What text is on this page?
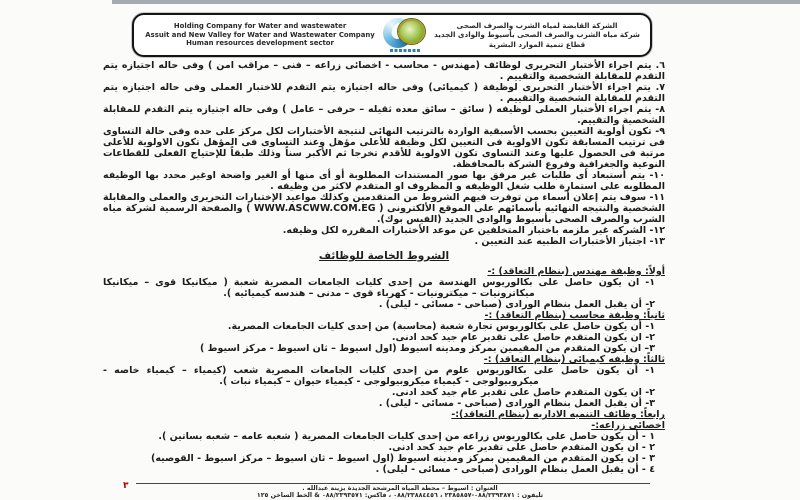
Holding Company for Water and wastewater
Assuit and New Valley for Water and Wastewater Company
Human resources development sector
الشركة القابضة لمياه الشرب والصرف الصحى
شركة مياه الشرب والصرف الصحى بأسيوط والوادى الجديد
قطاع تنمية الموارد البشرية
٦. يتم اجراء الأختبار التحريرى لوظائف (مهندس - محاسب - اخصائى زراعه – فنى – مراقب امن ) وفى حاله اجتيازه يتم التقدم للمقابلة الشخصية والتقييم .
٧. يتم اجراء الأختبار التحريرى لوظيفة ( كيميائى) وفى حاله اجتيازه يتم التقدم للاختبار العملى وفى حاله اجتيازه يتم التقدم للمقابلة الشخصية والتقييم .
٨- يتم اجراء الأختبار العملى لوظيفه ( سائق – سائق معده ثقيله – حرفى – عامل ) وفى حاله اجتيازه يتم التقدم للمقابلة الشخصية والتقييم.
٩- تكون أولوية التعيين بحسب الأسبقية الواردة بالترتيب النهائى لنتيجة الأختبارات لكل مركز على حده وفى حالة التساوى فى ترتيب المسابقة تكون الاولوية فى التعيين لكل وظيفة للأعلى مؤهل وعند التساوى فى المؤهل تكون الاولوية للأعلى مرتبة فى الحصول عليها وعند التساوى تكون الاولوية للأقدم تخرجا ثم الأكبر سناً وذلك طبقاً للإحتياج الفعلى للقطاعات النوعية والجغرافية وفروع الشركة بالمحافظة.
١٠- يتم أستبعاد أى طلبات غير مرفق بها صور المستندات المطلوبة أو أى منها أو الغير واضحة اوغير محدد بها الوظيفه المطلوبه على استمارة طلب شغل الوظيفه و المظروف او المتقدم لاكثر من وظيفه .
١١- سوف يتم إعلان أسماء من توفرت فيهم الشروط من المتقدمين وكذلك مواعيد الإختبارات التحريرى والعملى والمقابلة الشخصية والنتيجه النهائيه بأسمائهم على الموقع الألكترونى ( WWW.ASCWW.COM.EG ) والصفحة الرسمية لشركة مياه الشرب والصرف الصحى بأسيوط والوادى الجديد (الفيس بوك).
١٢- الشركه غير ملزمه باختبار المتخلفين عن موعد الأختبارات المقرره لكل وظيفه.
١٣- اجتياز الأختبارات الطبيه عند التعيين .
الشروط الخاصة للوظائف
أولاً: وظيفة مهندس (بنظام التعاقد) :-
١- ان يكون حاصل على بكالوريوس الهندسة من إحدى كليات الجامعات المصرية شعبة ( ميكانيكا قوى – ميكانيكا ميكاترونيات – ميكترونيات - كهرباء قوى – مدنى – هندسه كيميائيه ).
٢- أن يقبل العمل بنظام الورادى (صباحى - مسائى - ليلى) .
ثانياً: وظيفة محاسب (بنظام التعاقد) :-
١- أن يكون حاصل على بكالوريوس تجارة شعبة (محاسبة) من إحدى كليات الجامعات المصرية.
٢- ان يكون المتقدم حاصل على تقدير عام جيد كحد ادنى.
٣– ان يكون المتقدم من المقيمين بمركز ومدينه اسيوط (اول اسيوط – ثان اسيوط - مركز اسيوط )
ثالثاً: وظيفه كيميائى (بنظام التعاقد) :-
١- أن يكون حاصل على بكالوريوس علوم من إحدى كليات الجامعات المصرية شعب (كيمياء – كيمياء خاصه - ميكروبيولوجى - كيمياء ميكروبيولوجى - كيمياء حيوان – كيمياء نبات ).
٢- ان يكون المتقدم حاصل على تقدير عام جيد كحد ادنى.
٣- أن يقبل العمل بنظام الورادى (صباحى - مسائى - ليلى) .
رابعاً: وظائف التنميه الاداريه (بنظام التعاقد):-
اخصائى زراعه:-
١ - أن يكون حاصل على بكالوريوس زراعه من إحدى كليات الجامعات المصرية ( شعبه عامه – شعبه بساتين ).
٢ - ان يكون المتقدم حاصل على تقدير عام جيد كحد ادنى.
٣ - ان يكون المتقدم من المقيمين بمركز ومدينه اسيوط (اول اسيوط – ثان اسيوط – مركز اسيوط - القوصيه)
٤ - أن يقبل العمل بنظام الورادى (صباحى - مسائى - ليلى) .
٣	العنوان : اسيوط – محطة المياه المرشحة الجديدة بزينة عبدالله .
تليفون : ٠٨٨/٢٣٩٣٨٧١-٢٣٨٥٨٥٧ ، ٠٨٨/٢٣٨٨٤٤٥٦ ، فاكس: ٠٨٨/٢٣٩٣٥٧١ & الخط الساخن ١٢٥
